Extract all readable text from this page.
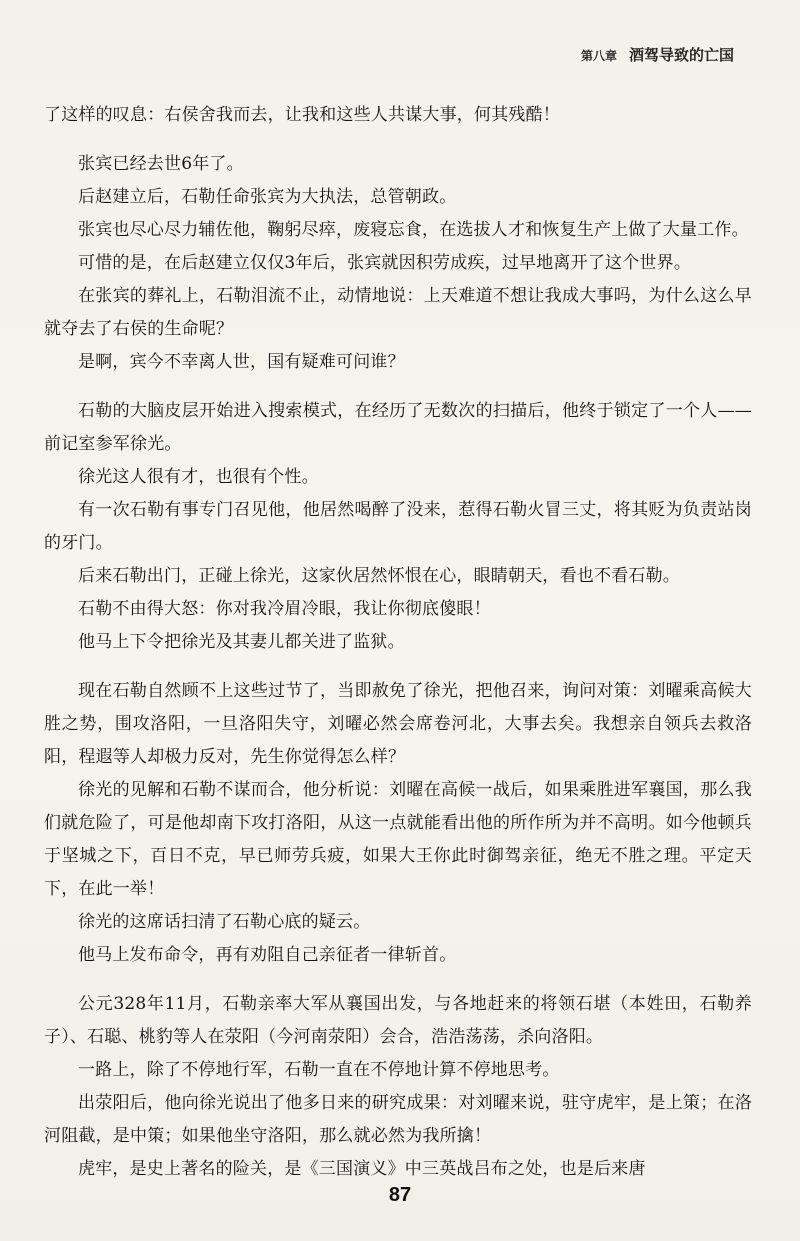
第八章 酒驾导致的亡国

了这样的叹息：右侯舍我而去，让我和这些人共谋大事，何其残酷！

张宾已经去世6年了。

后赵建立后，石勒任命张宾为大执法，总管朝政。

张宾也尽心尽力辅佐他，鞠躬尽瘁，废寝忘食，在选拔人才和恢复生产上做了大量工作。

可惜的是，在后赵建立仅仅3年后，张宾就因积劳成疾，过早地离开了这个世界。

在张宾的葬礼上，石勒泪流不止，动情地说：上天难道不想让我成大事吗，为什么这么早就夺去了右侯的生命呢？

是啊，宾今不幸离人世，国有疑难可问谁？

石勒的大脑皮层开始进入搜索模式，在经历了无数次的扫描后，他终于锁定了一个人——前记室参军徐光。

徐光这人很有才，也很有个性。

有一次石勒有事专门召见他，他居然喝醉了没来，惹得石勒火冒三丈，将其贬为负责站岗的牙门。

后来石勒出门，正碰上徐光，这家伙居然怀恨在心，眼睛朝天，看也不看石勒。

石勒不由得大怒：你对我冷眉冷眼，我让你彻底傻眼！

他马上下令把徐光及其妻儿都关进了监狱。

现在石勒自然顾不上这些过节了，当即赦免了徐光，把他召来，询问对策：刘曜乘高候大胜之势，围攻洛阳，一旦洛阳失守，刘曜必然会席卷河北，大事去矣。我想亲自领兵去救洛阳，程遐等人却极力反对，先生你觉得怎么样？

徐光的见解和石勒不谋而合，他分析说：刘曜在高候一战后，如果乘胜进军襄国，那么我们就危险了，可是他却南下攻打洛阳，从这一点就能看出他的所作所为并不高明。如今他顿兵于坚城之下，百日不克，早已师劳兵疲，如果大王你此时御驾亲征，绝无不胜之理。平定天下，在此一举！

徐光的这席话扫清了石勒心底的疑云。

他马上发布命令，再有劝阻自己亲征者一律斩首。

公元328年11月，石勒亲率大军从襄国出发，与各地赶来的将领石堪（本姓田，石勒养子）、石聪、桃豹等人在荥阳（今河南荥阳）会合，浩浩荡荡，杀向洛阳。

一路上，除了不停地行军，石勒一直在不停地计算不停地思考。

出荥阳后，他向徐光说出了他多日来的研究成果：对刘曜来说，驻守虎牢，是上策；在洛河阻截，是中策；如果他坐守洛阳，那么就必然为我所擒！

虎牢，是史上著名的险关，是《三国演义》中三英战吕布之处，也是后来唐

87
